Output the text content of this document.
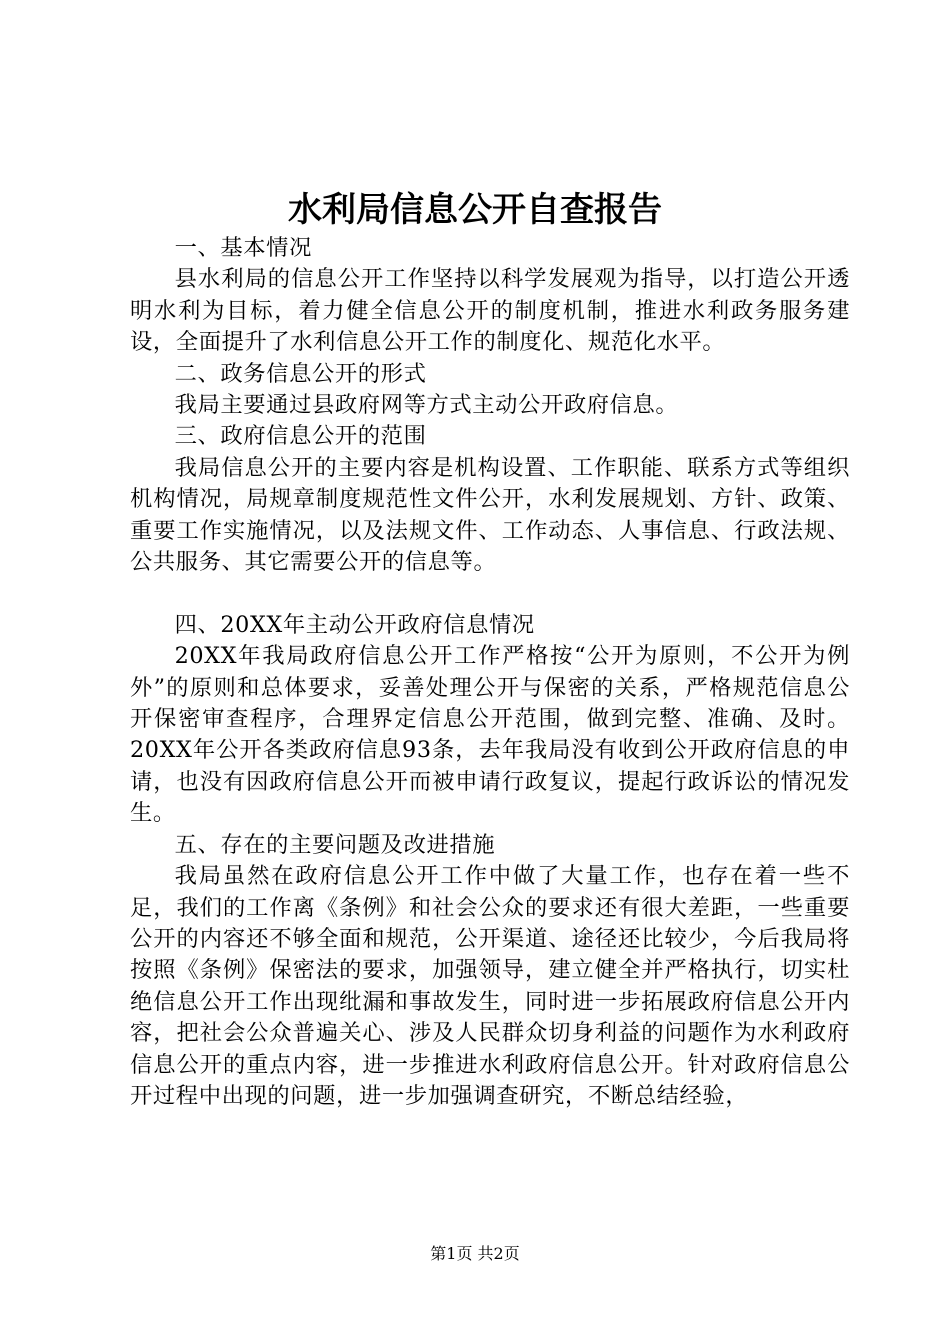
水利局信息公开自查报告

一、基本情况

县水利局的信息公开工作坚持以科学发展观为指导，以打造公开透明水利为目标，着力健全信息公开的制度机制，推进水利政务服务建设，全面提升了水利信息公开工作的制度化、规范化水平。

二、政务信息公开的形式

我局主要通过县政府网等方式主动公开政府信息。

三、政府信息公开的范围

我局信息公开的主要内容是机构设置、工作职能、联系方式等组织机构情况，局规章制度规范性文件公开，水利发展规划、方针、政策、重要工作实施情况，以及法规文件、工作动态、人事信息、行政法规、公共服务、其它需要公开的信息等。

四、20XX年主动公开政府信息情况

20XX年我局政府信息公开工作严格按“公开为原则，不公开为例外”的原则和总体要求，妥善处理公开与保密的关系，严格规范信息公开保密审查程序，合理界定信息公开范围，做到完整、准确、及时。20XX年公开各类政府信息93条，去年我局没有收到公开政府信息的申请，也没有因政府信息公开而被申请行政复议，提起行政诉讼的情况发生。

五、存在的主要问题及改进措施

我局虽然在政府信息公开工作中做了大量工作，也存在着一些不足，我们的工作离《条例》和社会公众的要求还有很大差距，一些重要公开的内容还不够全面和规范，公开渠道、途径还比较少，今后我局将按照《条例》保密法的要求，加强领导，建立健全并严格执行，切实杜绝信息公开工作出现纰漏和事故发生，同时进一步拓展政府信息公开内容，把社会公众普遍关心、涉及人民群众切身利益的问题作为水利政府信息公开的重点内容，进一步推进水利政府信息公开。针对政府信息公开过程中出现的问题，进一步加强调查研究，不断总结经验，

第1页 共2页
